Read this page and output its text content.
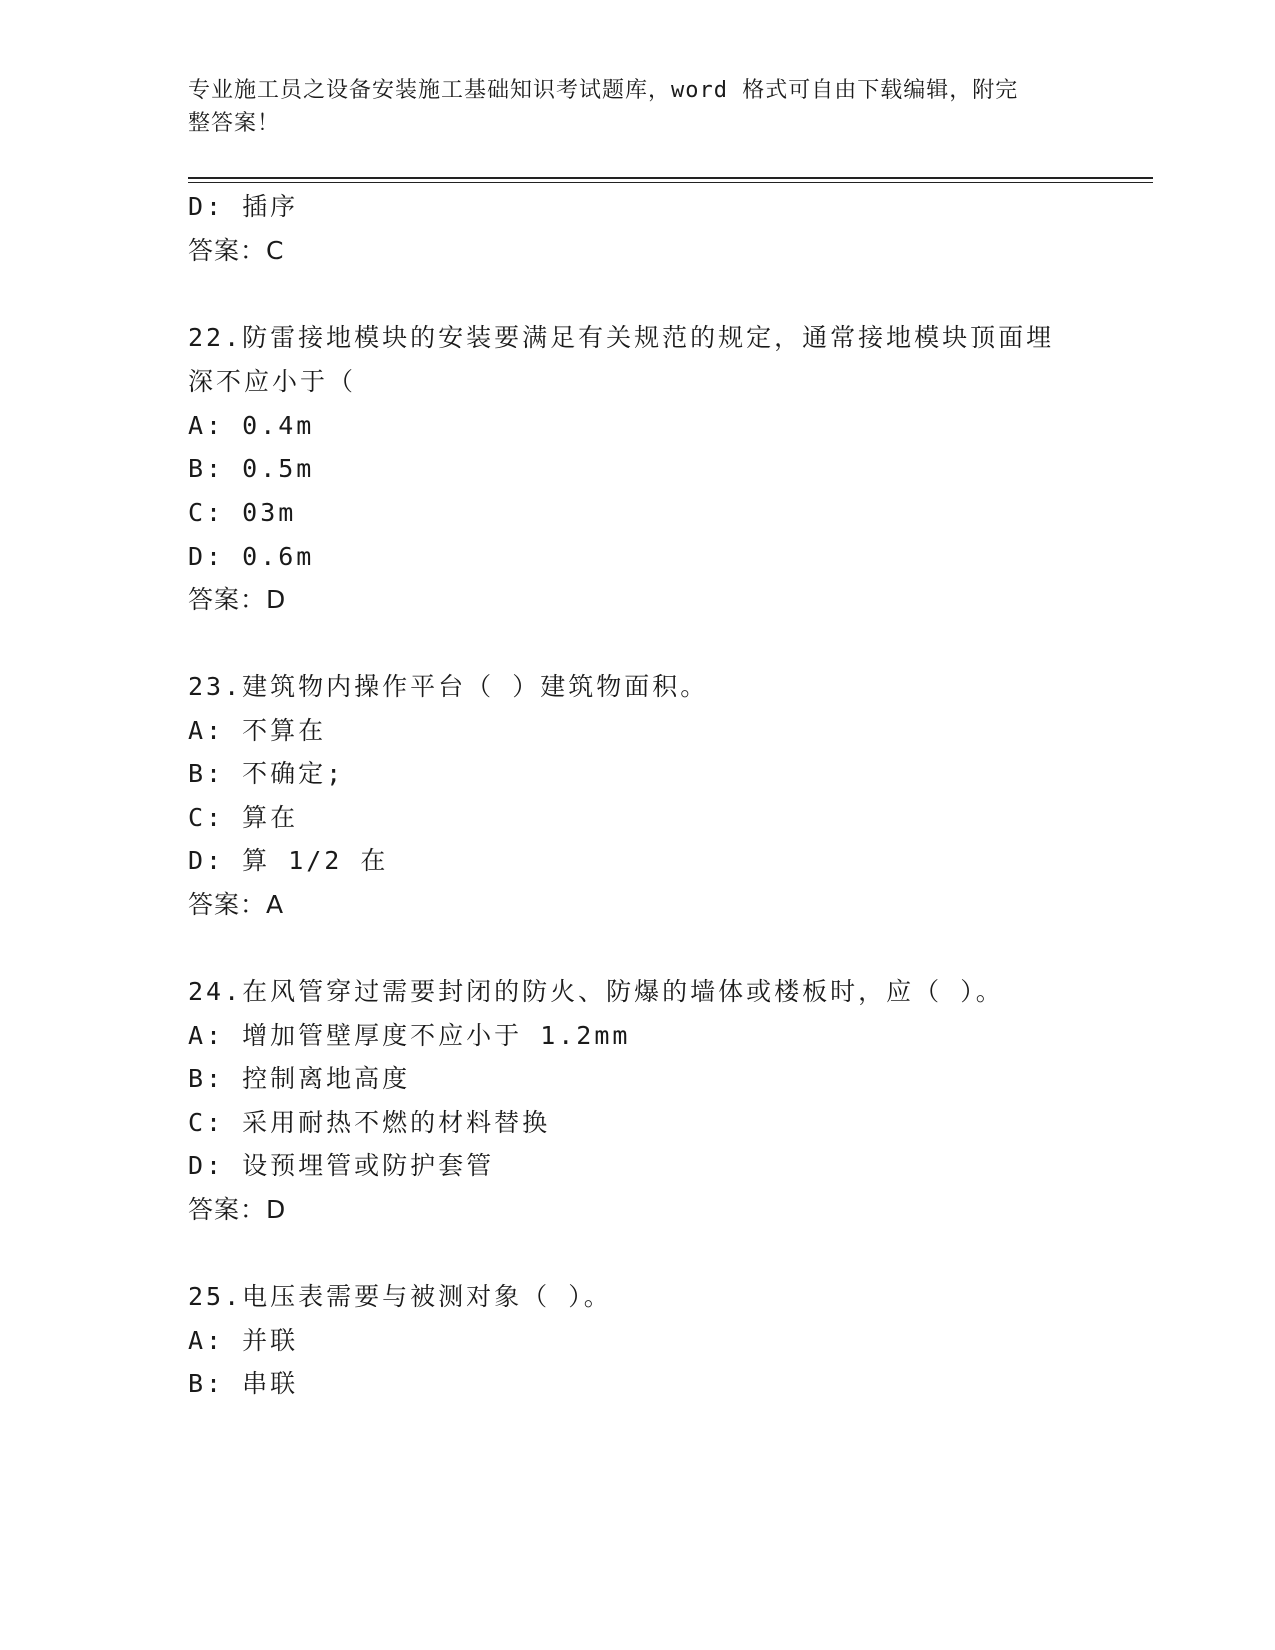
专业施工员之设备安装施工基础知识考试题库，word 格式可自由下载编辑，附完
整答案！
D: 插序
答案：C
22.防雷接地模块的安装要满足有关规范的规定，通常接地模块顶面埋
深不应小于（
A: 0.4m
B: 0.5m
C: 03m
D: 0.6m
答案：D
23.建筑物内操作平台（ ）建筑物面积。
A: 不算在
B: 不确定;
C: 算在
D: 算 1/2 在
答案：A
24.在风管穿过需要封闭的防火、防爆的墙体或楼板时，应（ ）。
A: 增加管壁厚度不应小于 1.2mm
B: 控制离地高度
C: 采用耐热不燃的材料替换
D: 设预埋管或防护套管
答案：D
25.电压表需要与被测对象（ ）。
A: 并联
B: 串联
